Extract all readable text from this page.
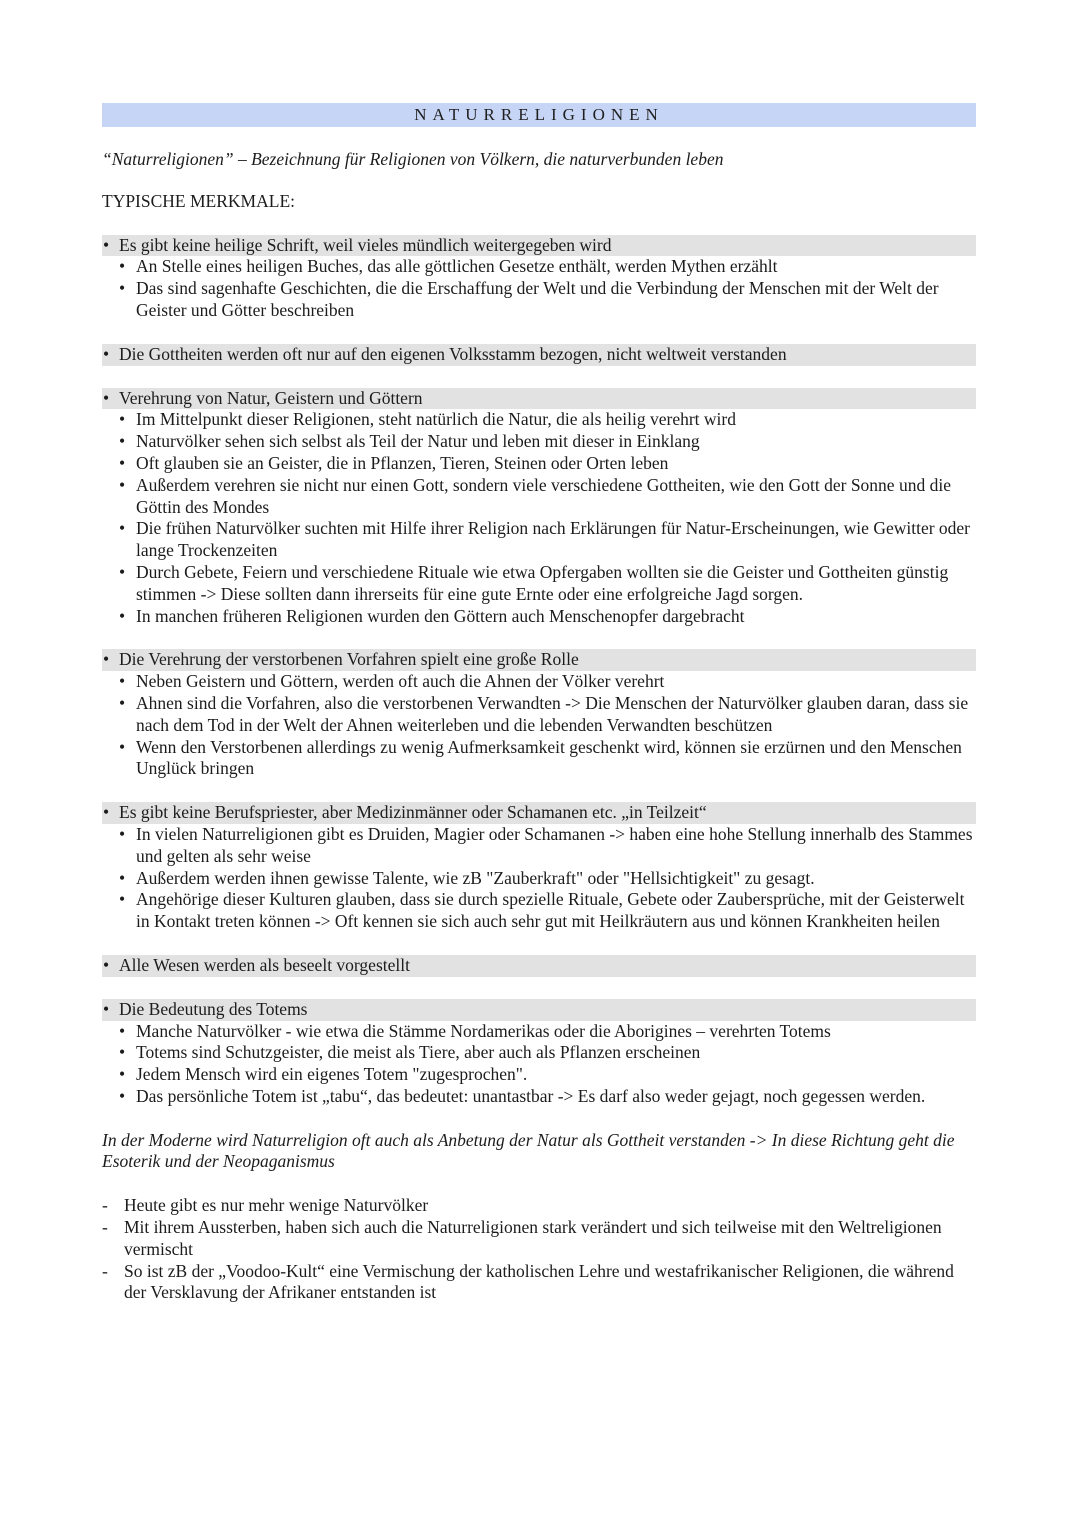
NATURRELIGIONEN
“Naturreligionen” – Bezeichnung für Religionen von Völkern, die naturverbunden leben
TYPISCHE MERKMALE:
• Es gibt keine heilige Schrift, weil vieles mündlich weitergegeben wird
• An Stelle eines heiligen Buches, das alle göttlichen Gesetze enthält, werden Mythen erzählt
• Das sind sagenhafte Geschichten, die die Erschaffung der Welt und die Verbindung der Menschen mit der Welt der Geister und Götter beschreiben
• Die Gottheiten werden oft nur auf den eigenen Volksstamm bezogen, nicht weltweit verstanden
• Verehrung von Natur, Geistern und Göttern
• Im Mittelpunkt dieser Religionen, steht natürlich die Natur, die als heilig verehrt wird
• Naturvölker sehen sich selbst als Teil der Natur und leben mit dieser in Einklang
• Oft glauben sie an Geister, die in Pflanzen, Tieren, Steinen oder Orten leben
• Außerdem verehren sie nicht nur einen Gott, sondern viele verschiedene Gottheiten, wie den Gott der Sonne und die Göttin des Mondes
• Die frühen Naturvölker suchten mit Hilfe ihrer Religion nach Erklärungen für Natur-Erscheinungen, wie Gewitter oder lange Trockenzeiten
• Durch Gebete, Feiern und verschiedene Rituale wie etwa Opfergaben wollten sie die Geister und Gottheiten günstig stimmen -> Diese sollten dann ihrerseits für eine gute Ernte oder eine erfolgreiche Jagd sorgen.
• In manchen früheren Religionen wurden den Göttern auch Menschenopfer dargebracht
• Die Verehrung der verstorbenen Vorfahren spielt eine große Rolle
• Neben Geistern und Göttern, werden oft auch die Ahnen der Völker verehrt
• Ahnen sind die Vorfahren, also die verstorbenen Verwandten -> Die Menschen der Naturvölker glauben daran, dass sie nach dem Tod in der Welt der Ahnen weiterleben und die lebenden Verwandten beschützen
• Wenn den Verstorbenen allerdings zu wenig Aufmerksamkeit geschenkt wird, können sie erzürnen und den Menschen Unglück bringen
• Es gibt keine Berufspriester, aber Medizinmänner oder Schamanen etc. „in Teilzeit“
• In vielen Naturreligionen gibt es Druiden, Magier oder Schamanen -> haben eine hohe Stellung innerhalb des Stammes und gelten als sehr weise
• Außerdem werden ihnen gewisse Talente, wie zB "Zauberkraft" oder "Hellsichtigkeit" zu gesagt.
• Angehörige dieser Kulturen glauben, dass sie durch spezielle Rituale, Gebete oder Zaubersprüche, mit der Geisterwelt in Kontakt treten können -> Oft kennen sie sich auch sehr gut mit Heilkräutern aus und können Krankheiten heilen
• Alle Wesen werden als beseelt vorgestellt
• Die Bedeutung des Totems
• Manche Naturvölker - wie etwa die Stämme Nordamerikas oder die Aborigines – verehrten Totems
• Totems sind Schutzgeister, die meist als Tiere, aber auch als Pflanzen erscheinen
• Jedem Mensch wird ein eigenes Totem "zugesprochen".
• Das persönliche Totem ist „tabu“, das bedeutet: unantastbar -> Es darf also weder gejagt, noch gegessen werden.
In der Moderne wird Naturreligion oft auch als Anbetung der Natur als Gottheit verstanden -> In diese Richtung geht die Esoterik und der Neopaganismus
- Heute gibt es nur mehr wenige Naturvölker
- Mit ihrem Aussterben, haben sich auch die Naturreligionen stark verändert und sich teilweise mit den Weltreligionen vermischt
- So ist zB der „Voodoo-Kult“ eine Vermischung der katholischen Lehre und westafrikanischer Religionen, die während der Versklavung der Afrikaner entstanden ist
